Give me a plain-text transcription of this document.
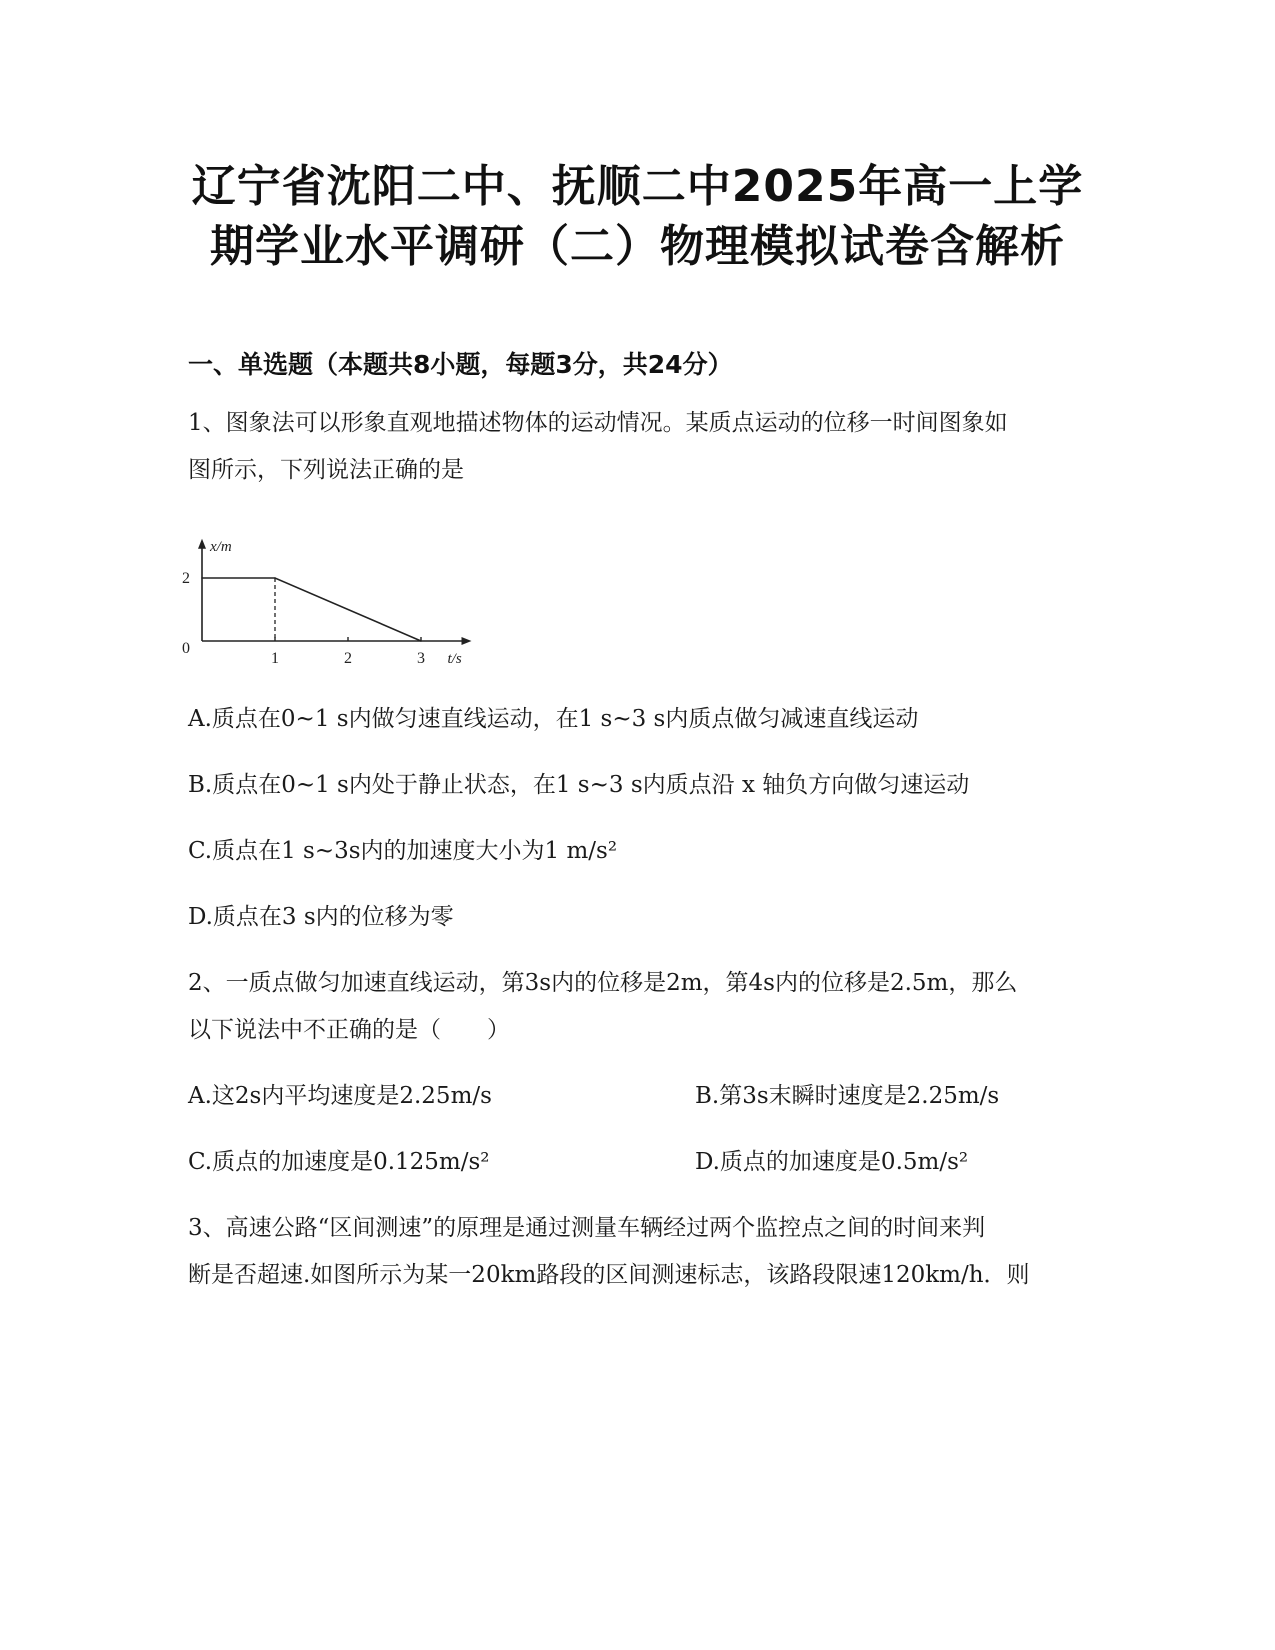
辽宁省沈阳二中、抚顺二中2025年高一上学
期学业水平调研（二）物理模拟试卷含解析
一、单选题（本题共8小题，每题3分，共24分）
1、图象法可以形象直观地描述物体的运动情况。某质点运动的位移一时间图象如
图所示，下列说法正确的是
x/m
t/s
0
1	2	3
2
A.质点在0~1 s内做匀速直线运动，在1 s~3 s内质点做匀减速直线运动
B.质点在0~1 s内处于静止状态，在1 s~3 s内质点沿 x 轴负方向做匀速运动
C.质点在1 s~3s内的加速度大小为1 m/s²
D.质点在3 s内的位移为零
2、一质点做匀加速直线运动，第3s内的位移是2m，第4s内的位移是2.5m，那么
以下说法中不正确的是（　　）
A.这2s内平均速度是2.25m/s	B.第3s末瞬时速度是2.25m/s
C.质点的加速度是0.125m/s²	D.质点的加速度是0.5m/s²
3、高速公路“区间测速”的原理是通过测量车辆经过两个监控点之间的时间来判
断是否超速.如图所示为某一20km路段的区间测速标志，该路段限速120km/h．则
